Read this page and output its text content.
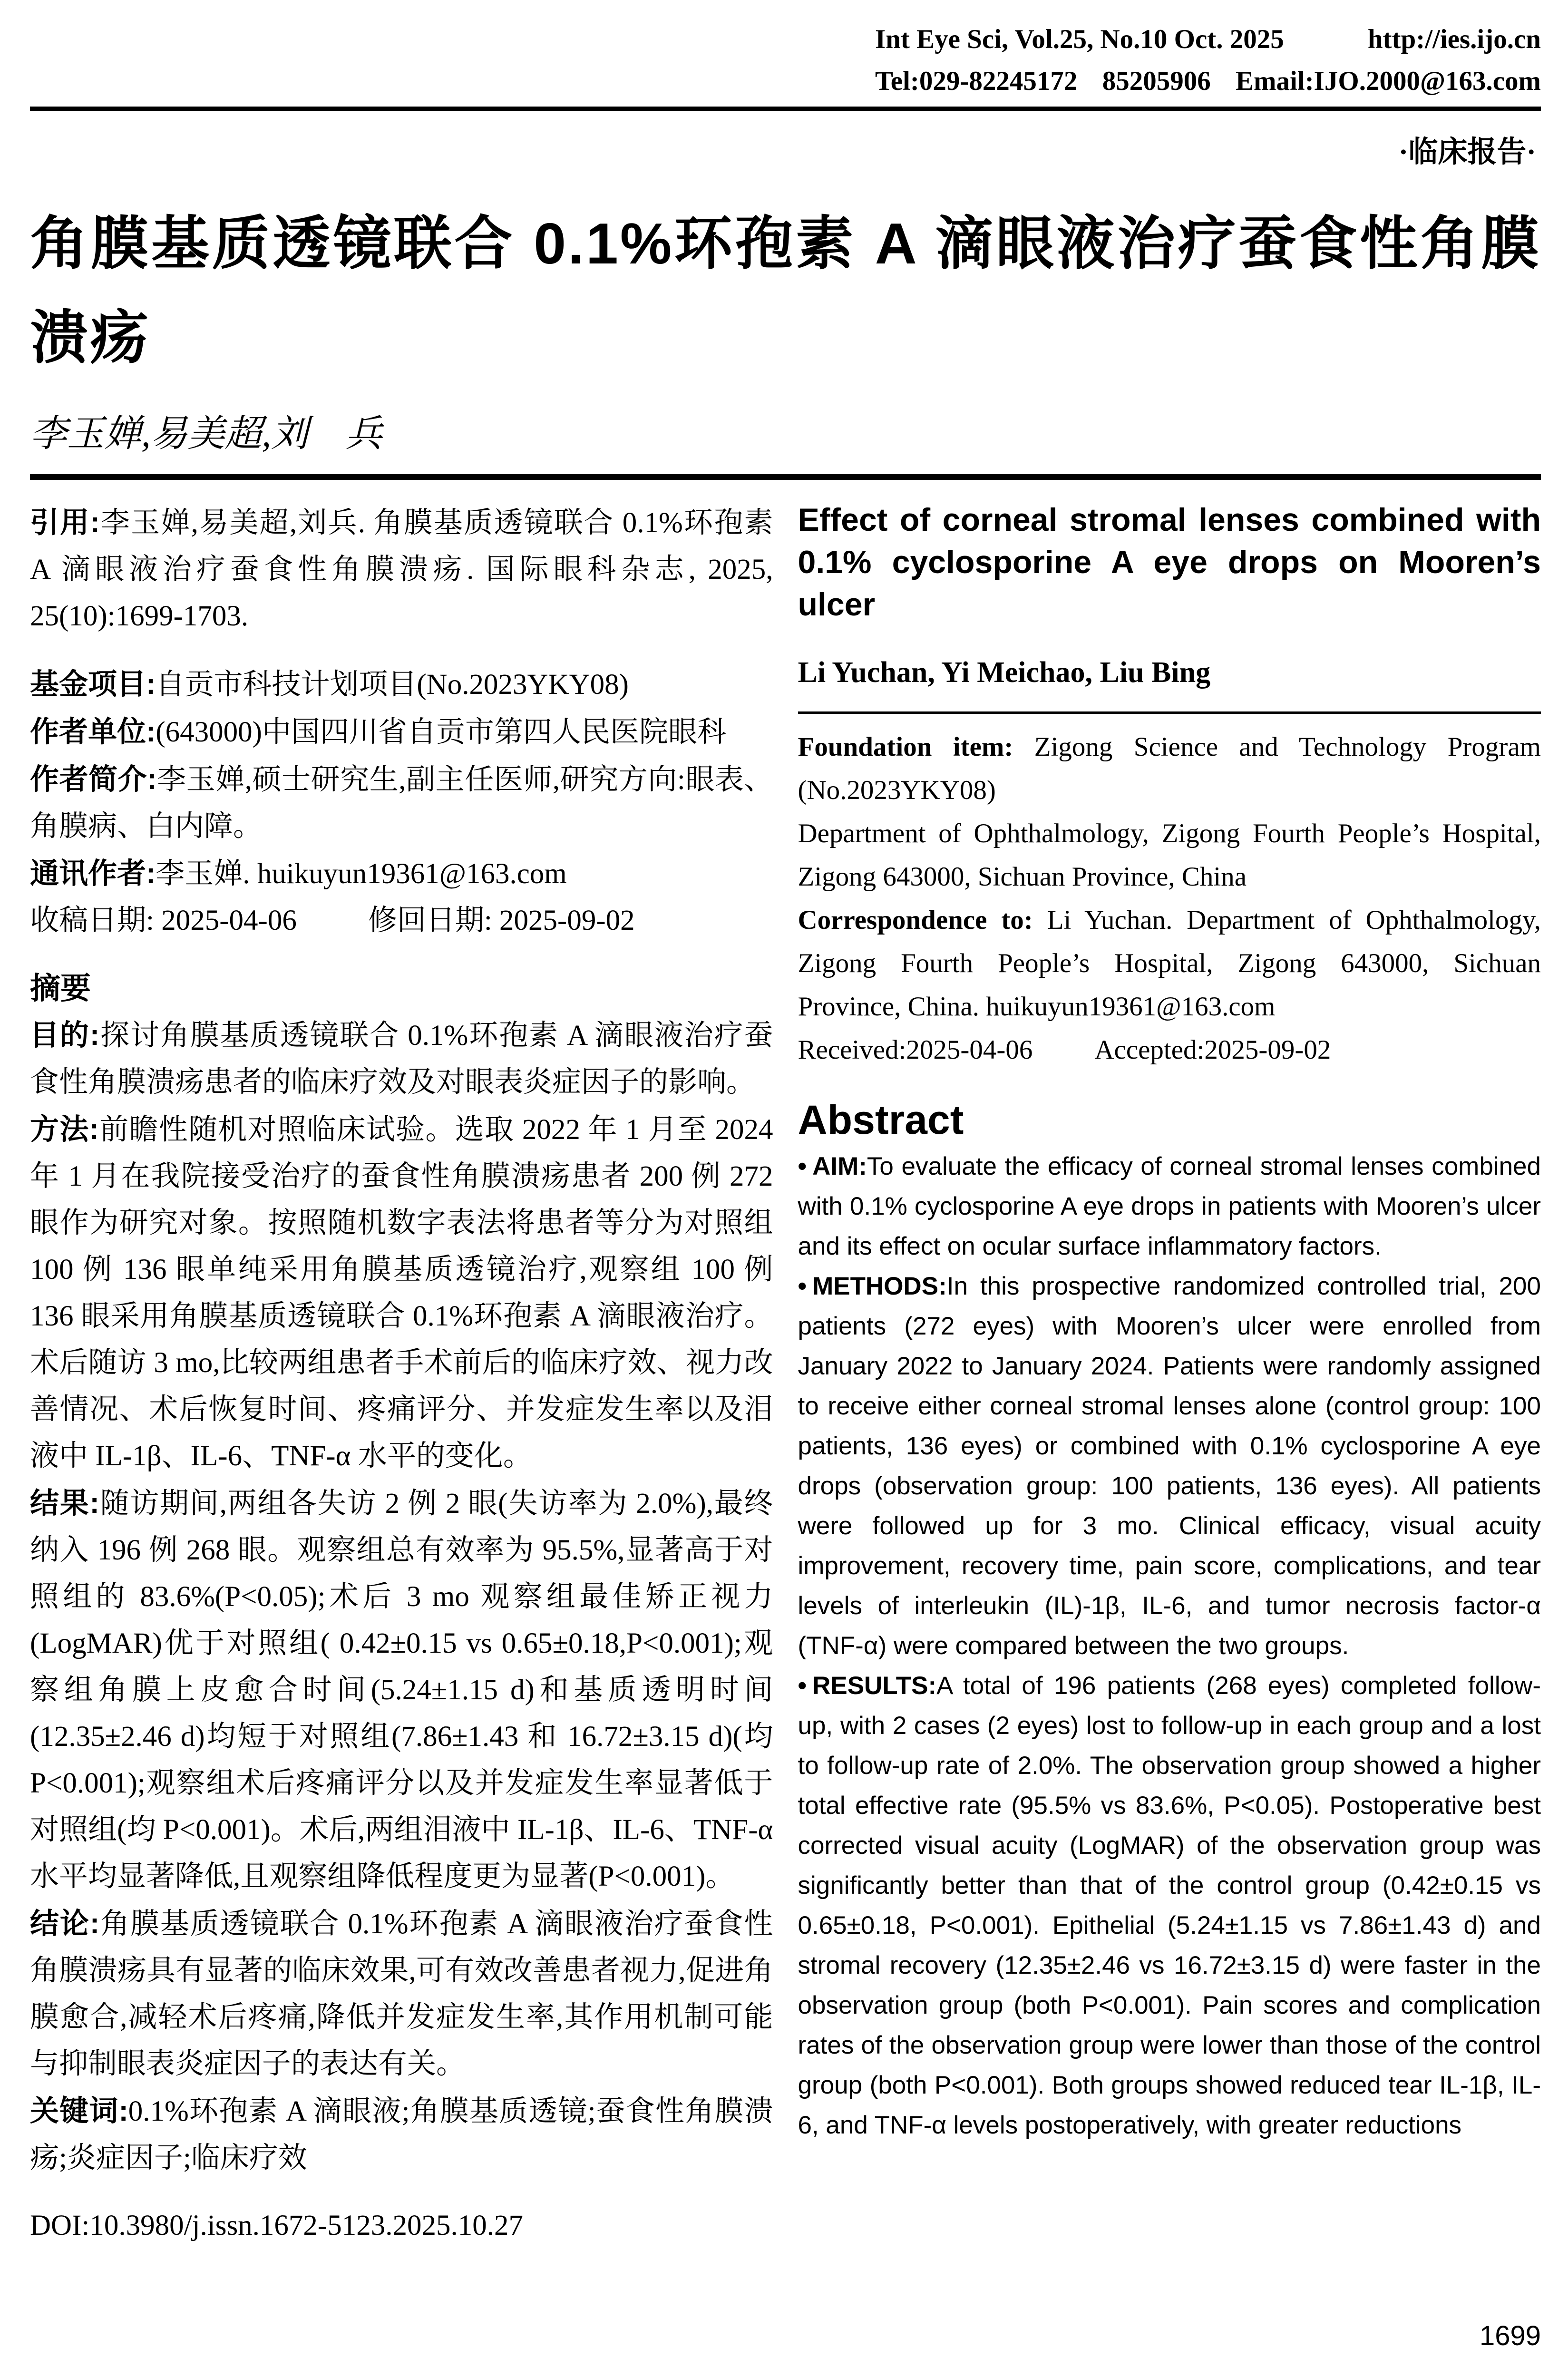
Int Eye Sci, Vol.25, No.10 Oct. 2025	http://ies.ijo.cn
Tel:029-82245172 85205906 Email:IJO.2000@163.com
·临床报告·
角膜基质透镜联合 0.1%环孢素 A 滴眼液治疗蚕食性角膜溃疡
李玉婵,易美超,刘　兵

引用:李玉婵,易美超,刘兵. 角膜基质透镜联合 0.1%环孢素 A 滴眼液治疗蚕食性角膜溃疡. 国际眼科杂志, 2025, 25(10):1699-1703.

基金项目:自贡市科技计划项目(No.2023YKY08)

作者单位:(643000)中国四川省自贡市第四人民医院眼科

作者简介:李玉婵,硕士研究生,副主任医师,研究方向:眼表、角膜病、白内障。

通讯作者:李玉婵. huikuyun19361@163.com

收稿日期: 2025-04-06 修回日期: 2025-09-02

摘要

目的:探讨角膜基质透镜联合 0.1%环孢素 A 滴眼液治疗蚕食性角膜溃疡患者的临床疗效及对眼表炎症因子的影响。

方法:前瞻性随机对照临床试验。选取 2022 年 1 月至 2024 年 1 月在我院接受治疗的蚕食性角膜溃疡患者 200 例 272 眼作为研究对象。按照随机数字表法将患者等分为对照组 100 例 136 眼单纯采用角膜基质透镜治疗,观察组 100 例 136 眼采用角膜基质透镜联合 0.1%环孢素 A 滴眼液治疗。术后随访 3 mo,比较两组患者手术前后的临床疗效、视力改善情况、术后恢复时间、疼痛评分、并发症发生率以及泪液中 IL-1β、IL-6、TNF-α 水平的变化。

结果:随访期间,两组各失访 2 例 2 眼(失访率为 2.0%),最终纳入 196 例 268 眼。观察组总有效率为 95.5%,显著高于对照组的 83.6%(P<0.05);术后 3 mo 观察组最佳矫正视力(LogMAR)优于对照组( 0.42±0.15 vs 0.65±0.18,P<0.001);观察组角膜上皮愈合时间(5.24±1.15 d)和基质透明时间(12.35±2.46 d)均短于对照组(7.86±1.43 和 16.72±3.15 d)(均 P<0.001);观察组术后疼痛评分以及并发症发生率显著低于对照组(均 P<0.001)。术后,两组泪液中 IL-1β、IL-6、TNF-α 水平均显著降低,且观察组降低程度更为显著(P<0.001)。

结论:角膜基质透镜联合 0.1%环孢素 A 滴眼液治疗蚕食性角膜溃疡具有显著的临床效果,可有效改善患者视力,促进角膜愈合,减轻术后疼痛,降低并发症发生率,其作用机制可能与抑制眼表炎症因子的表达有关。

关键词:0.1%环孢素 A 滴眼液;角膜基质透镜;蚕食性角膜溃疡;炎症因子;临床疗效

DOI:10.3980/j.issn.1672-5123.2025.10.27

Effect of corneal stromal lenses combined with 0.1% cyclosporine A eye drops on Mooren’s ulcer
Li Yuchan, Yi Meichao, Liu Bing

Foundation item: Zigong Science and Technology Program (No.2023YKY08)

Department of Ophthalmology, Zigong Fourth People’s Hospital, Zigong 643000, Sichuan Province, China

Correspondence to: Li Yuchan. Department of Ophthalmology, Zigong Fourth People’s Hospital, Zigong 643000, Sichuan Province, China. huikuyun19361@163.com

Received:2025-04-06 Accepted:2025-09-02

Abstract

• AIM:To evaluate the efficacy of corneal stromal lenses combined with 0.1% cyclosporine A eye drops in patients with Mooren’s ulcer and its effect on ocular surface inflammatory factors.

• METHODS:In this prospective randomized controlled trial, 200 patients (272 eyes) with Mooren’s ulcer were enrolled from January 2022 to January 2024. Patients were randomly assigned to receive either corneal stromal lenses alone (control group: 100 patients, 136 eyes) or combined with 0.1% cyclosporine A eye drops (observation group: 100 patients, 136 eyes). All patients were followed up for 3 mo. Clinical efficacy, visual acuity improvement, recovery time, pain score, complications, and tear levels of interleukin (IL)-1β, IL-6, and tumor necrosis factor-α (TNF-α) were compared between the two groups.

• RESULTS:A total of 196 patients (268 eyes) completed follow-up, with 2 cases (2 eyes) lost to follow-up in each group and a lost to follow-up rate of 2.0%. The observation group showed a higher total effective rate (95.5% vs 83.6%, P<0.05). Postoperative best corrected visual acuity (LogMAR) of the observation group was significantly better than that of the control group (0.42±0.15 vs 0.65±0.18, P<0.001). Epithelial (5.24±1.15 vs 7.86±1.43 d) and stromal recovery (12.35±2.46 vs 16.72±3.15 d) were faster in the observation group (both P<0.001). Pain scores and complication rates of the observation group were lower than those of the control group (both P<0.001). Both groups showed reduced tear IL-1β, IL-6, and TNF-α levels postoperatively, with greater reductions

1699
